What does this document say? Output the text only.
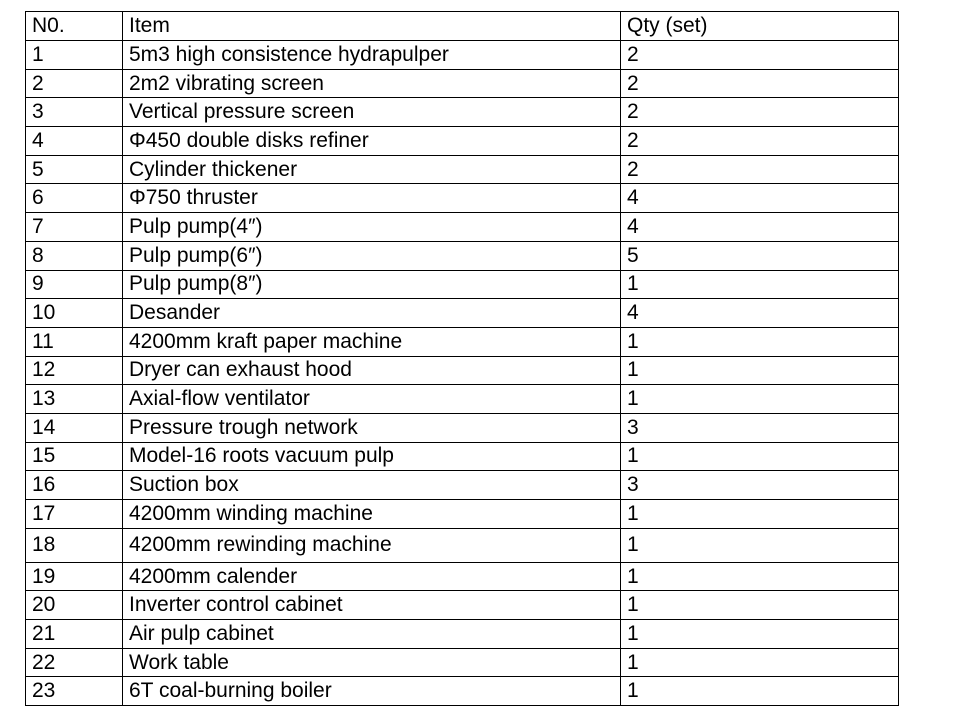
N0.	Item	Qty (set)
1	5m3 high consistence hydrapulper	2
2	2m2 vibrating screen	2
3	Vertical pressure screen	2
4	Φ450 double disks refiner	2
5	Cylinder thickener	2
6	Φ750 thruster	4
7	Pulp pump(4″)	4
8	Pulp pump(6″)	5
9	Pulp pump(8″)	1
10	Desander	4
11	4200mm kraft paper machine	1
12	Dryer can exhaust hood	1
13	Axial-flow ventilator	1
14	Pressure trough network	3
15	Model-16 roots vacuum pulp	1
16	Suction box	3
17	4200mm winding machine	1
18	4200mm rewinding machine	1
19	4200mm calender	1
20	Inverter control cabinet	1
21	Air pulp cabinet	1
22	Work table	1
23	6T coal-burning boiler	1
